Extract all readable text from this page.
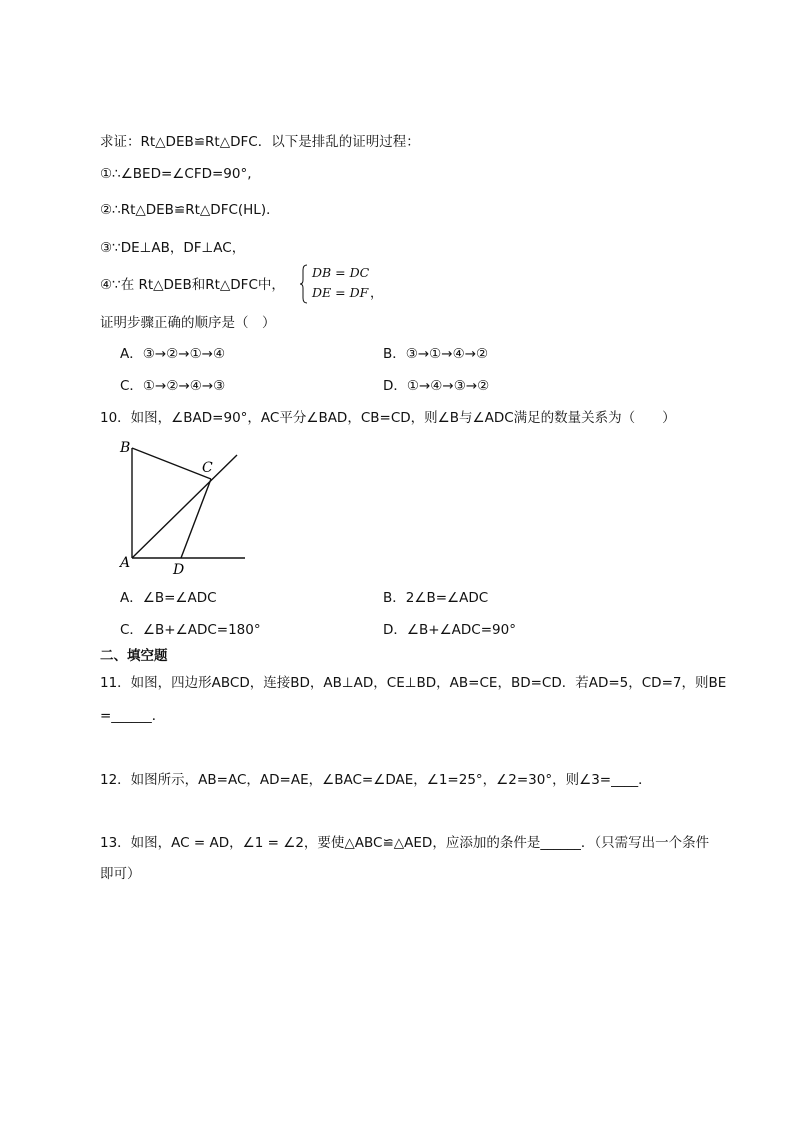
求证：Rt△DEB≌Rt△DFC．以下是排乱的证明过程：
①∴∠BED=∠CFD=90°,
②∴Rt△DEB≌Rt△DFC(HL)．
③∵DE⊥AB，DF⊥AC，
④∵在 Rt△DEB和Rt△DFC中，
DB = DC
DE = DF ，
证明步骤正确的顺序是（　）
A．③→②→①→④	B．③→①→④→②
C．①→②→④→③	D．①→④→③→②
10．如图，∠BAD=90°，AC平分∠BAD，CB=CD，则∠B与∠ADC满足的数量关系为（　　）
B
C
A	D
A．∠B=∠ADC	B．2∠B=∠ADC
C．∠B+∠ADC=180°	D．∠B+∠ADC=90°
二、填空题
11．如图，四边形ABCD，连接BD，AB⊥AD，CE⊥BD，AB=CE，BD=CD．若AD=5，CD=7，则BE
=______．
12．如图所示，AB=AC，AD=AE，∠BAC=∠DAE，∠1=25°，∠2=30°，则∠3=____．
13．如图，AC = AD，∠1 = ∠2，要使△ABC≌△AED，应添加的条件是______．（只需写出一个条件
即可）
